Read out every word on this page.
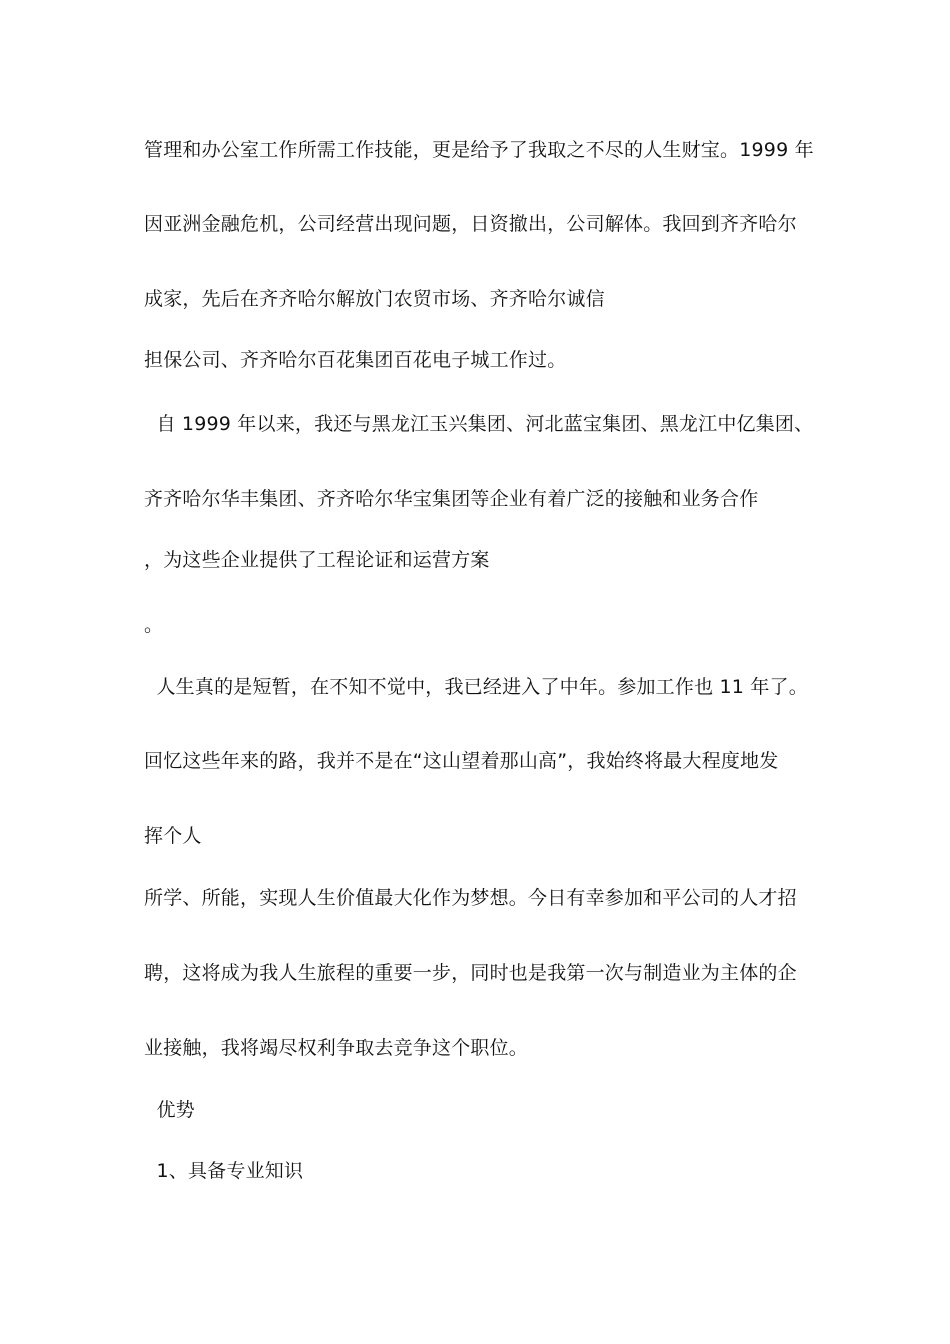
管理和办公室工作所需工作技能，更是给予了我取之不尽的人生财宝。1999 年
因亚洲金融危机，公司经营出现问题，日资撤出，公司解体。我回到齐齐哈尔
成家，先后在齐齐哈尔解放门农贸市场、齐齐哈尔诚信
担保公司、齐齐哈尔百花集团百花电子城工作过。
自 1999 年以来，我还与黑龙江玉兴集团、河北蓝宝集团、黑龙江中亿集团、
齐齐哈尔华丰集团、齐齐哈尔华宝集团等企业有着广泛的接触和业务合作
，为这些企业提供了工程论证和运营方案
。
人生真的是短暂，在不知不觉中，我已经进入了中年。参加工作也 11 年了。
回忆这些年来的路，我并不是在“这山望着那山高”，我始终将最大程度地发
挥个人
所学、所能，实现人生价值最大化作为梦想。今日有幸参加和平公司的人才招
聘，这将成为我人生旅程的重要一步，同时也是我第一次与制造业为主体的企
业接触，我将竭尽权利争取去竞争这个职位。
优势
1、具备专业知识
